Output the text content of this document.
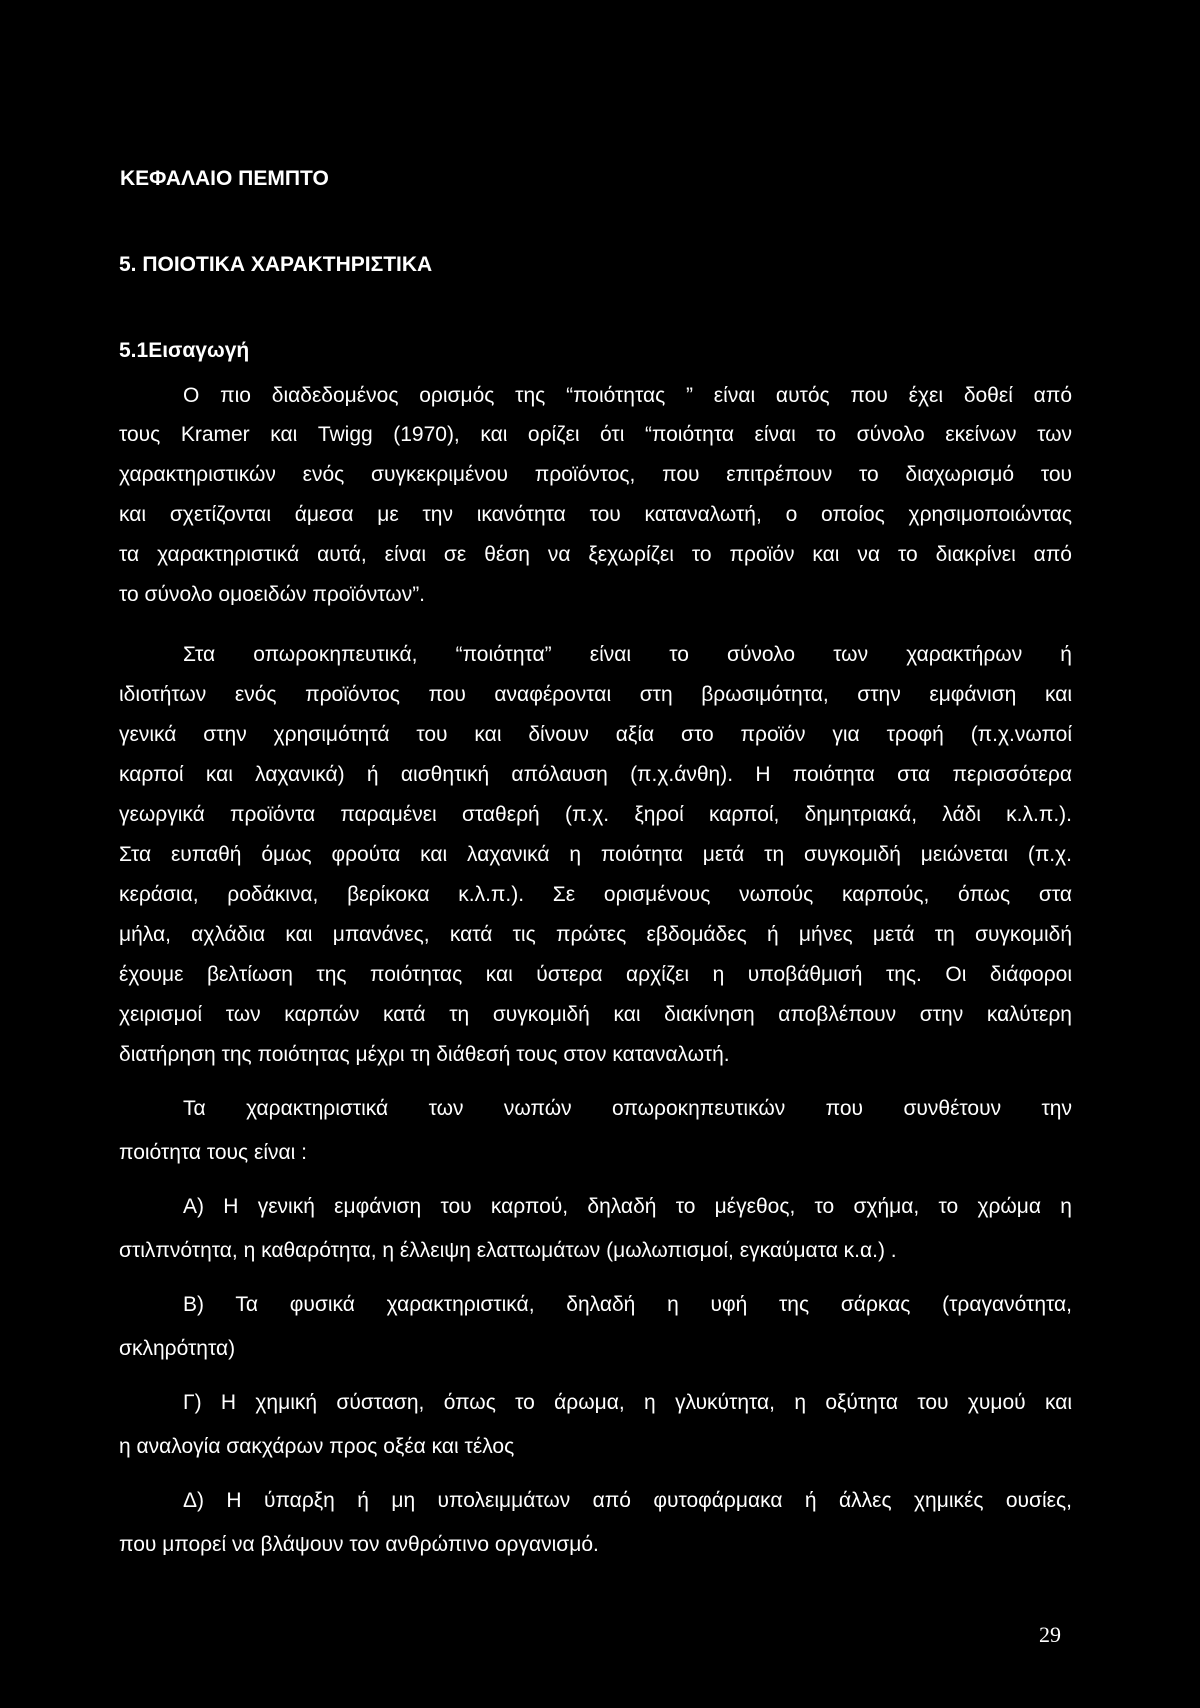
ΚΕΦΑΛΑΙΟ ΠΕΜΠΤΟ
5. ΠΟΙΟΤΙΚΑ ΧΑΡΑΚΤΗΡΙΣΤΙΚΑ
5.1Εισαγωγή

Ο πιο διαδεδομένος ορισμός της “ποιότητας ” είναι αυτός που έχει δοθεί από

τους Kramer και Twigg (1970), και ορίζει ότι “ποιότητα είναι το σύνολο εκείνων των

χαρακτηριστικών ενός συγκεκριμένου προϊόντος, που επιτρέπουν το διαχωρισμό του

και σχετίζονται άμεσα με την ικανότητα του καταναλωτή, ο οποίος χρησιμοποιώντας

τα χαρακτηριστικά αυτά, είναι σε θέση να ξεχωρίζει το προϊόν και να το διακρίνει από

το σύνολο ομοειδών προϊόντων”.

Στα οπωροκηπευτικά, “ποιότητα” είναι το σύνολο των χαρακτήρων ή

ιδιοτήτων ενός προϊόντος που αναφέρονται στη βρωσιμότητα, στην εμφάνιση και

γενικά στην χρησιμότητά του και δίνουν αξία στο προϊόν για τροφή (π.χ.νωποί

καρποί και λαχανικά) ή αισθητική απόλαυση (π.χ.άνθη). Η ποιότητα στα περισσότερα

γεωργικά προϊόντα παραμένει σταθερή (π.χ. ξηροί καρποί, δημητριακά, λάδι κ.λ.π.).

Στα ευπαθή όμως φρούτα και λαχανικά η ποιότητα μετά τη συγκομιδή μειώνεται (π.χ.

κεράσια, ροδάκινα, βερίκοκα κ.λ.π.). Σε ορισμένους νωπούς καρπούς, όπως στα

μήλα, αχλάδια και μπανάνες, κατά τις πρώτες εβδομάδες ή μήνες μετά τη συγκομιδή

έχουμε βελτίωση της ποιότητας και ύστερα αρχίζει η υποβάθμισή της. Οι διάφοροι

χειρισμοί των καρπών κατά τη συγκομιδή και διακίνηση αποβλέπουν στην καλύτερη

διατήρηση της ποιότητας μέχρι τη διάθεσή τους στον καταναλωτή.

Τα χαρακτηριστικά των νωπών οπωροκηπευτικών που συνθέτουν την

ποιότητα τους είναι :

Α) Η γενική εμφάνιση του καρπού, δηλαδή το μέγεθος, το σχήμα, το χρώμα η

στιλπνότητα, η καθαρότητα, η έλλειψη ελαττωμάτων (μωλωπισμοί, εγκαύματα κ.α.) .

Β) Τα φυσικά χαρακτηριστικά, δηλαδή η υφή της σάρκας (τραγανότητα,

σκληρότητα)

Γ) Η χημική σύσταση, όπως το άρωμα, η γλυκύτητα, η οξύτητα του χυμού και

η αναλογία σακχάρων προς οξέα και τέλος

Δ) Η ύπαρξη ή μη υπολειμμάτων από φυτοφάρμακα ή άλλες χημικές ουσίες,

που μπορεί να βλάψουν τον ανθρώπινο οργανισμό.

29
